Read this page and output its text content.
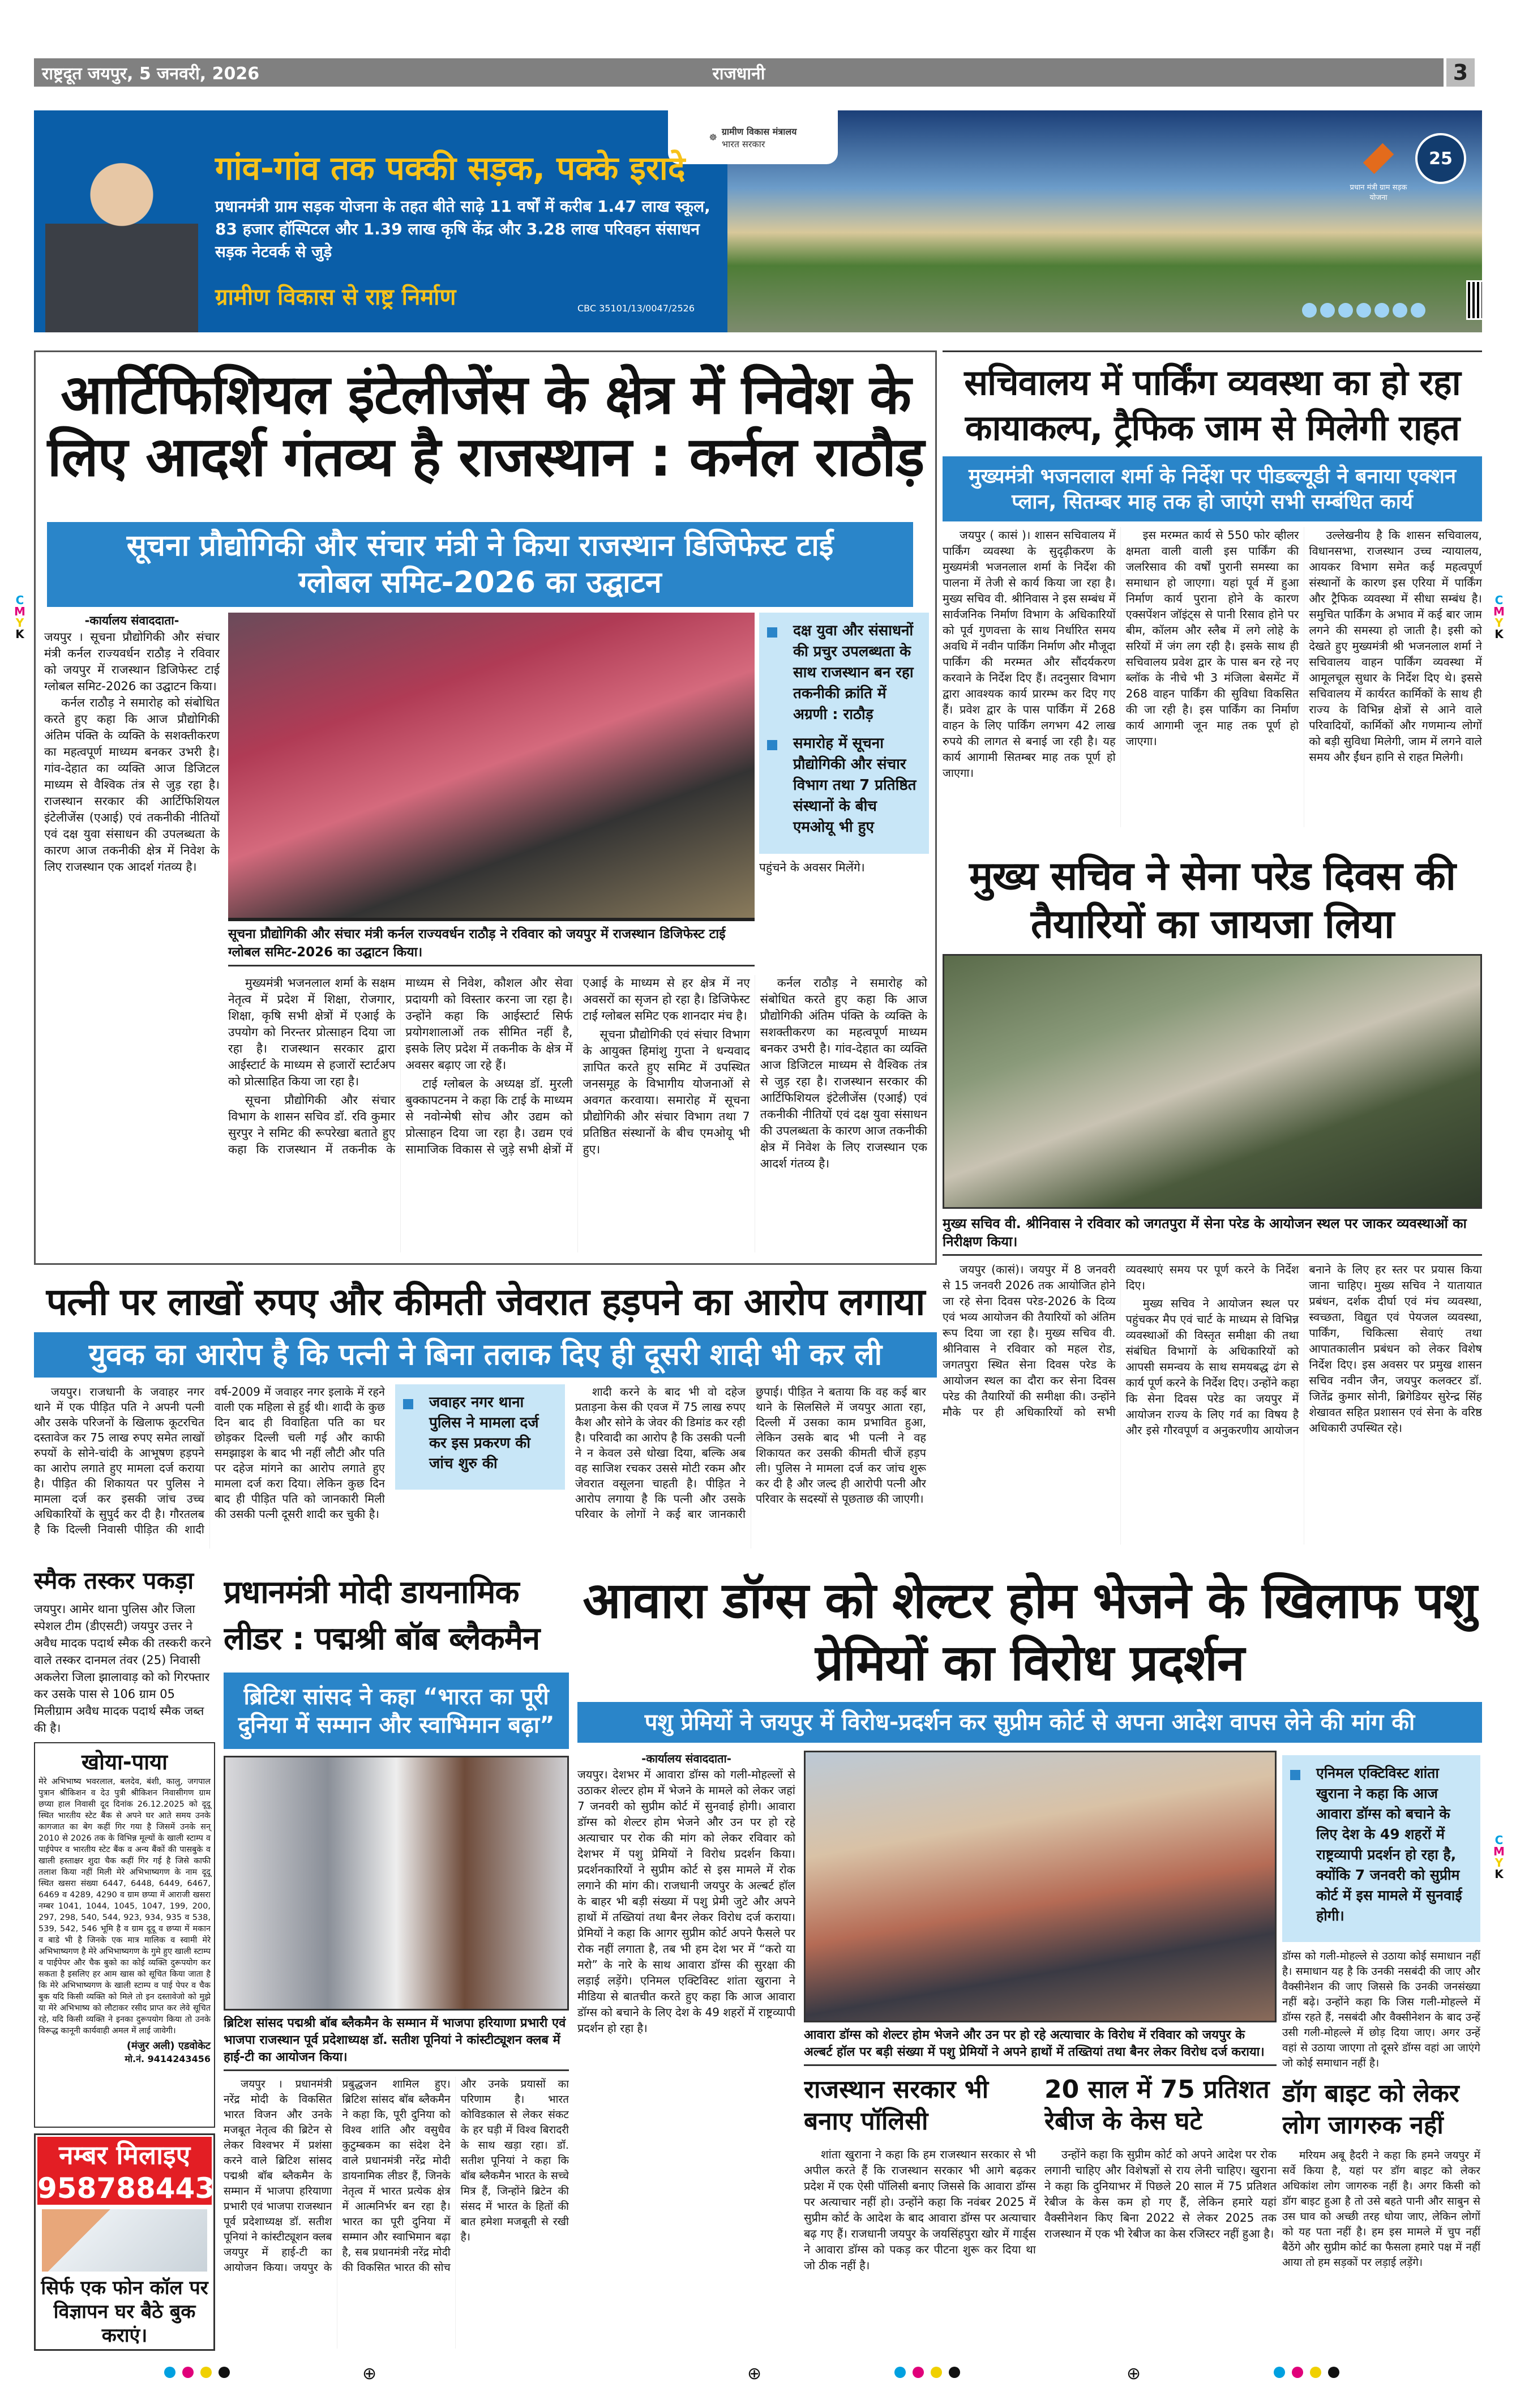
राष्ट्रदूत जयपुर, 5 जनवरी, 2026	राजधानी	3
☸
ग्रामीण विकास मंत्रालय
भारत सरकार
गांव-गांव तक पक्की सड़क, पक्के इरादे
प्रधानमंत्री ग्राम सड़क योजना के तहत बीते साढ़े 11 वर्षों में करीब 1.47 लाख स्कूल, 83 हजार हॉस्पिटल और 1.39 लाख कृषि केंद्र और 3.28 लाख परिवहन संसाधन सड़क नेटवर्क से जुड़े
ग्रामीण विकास से राष्ट्र निर्माण	CBC 35101/13/0047/2526
प्रधान मंत्री ग्राम सड़क योजना
25
आर्टिफिशियल इंटेलीजेंस के क्षेत्र में निवेश के लिए आदर्श गंतव्य है राजस्थान : कर्नल राठौड़
सूचना प्रौद्योगिकी और संचार मंत्री ने किया राजस्थान डिजिफेस्ट टाई ग्लोबल समिट-2026 का उद्घाटन
-कार्यालय संवाददाता-

जयपुर । सूचना प्रौद्योगिकी और संचार मंत्री कर्नल राज्यवर्धन राठौड़ ने रविवार को जयपुर में राजस्थान डिजिफेस्ट टाई ग्लोबल समिट-2026 का उद्घाटन किया।

कर्नल राठौड़ ने समारोह को संबोधित करते हुए कहा कि आज प्रौद्योगिकी अंतिम पंक्ति के व्यक्ति के सशक्तीकरण का महत्वपूर्ण माध्यम बनकर उभरी है। गांव-देहात का व्यक्ति आज डिजिटल माध्यम से वैश्विक तंत्र से जुड़ रहा है। राजस्थान सरकार की आर्टिफिशियल इंटेलीजेंस (एआई) एवं तकनीकी नीतियों एवं दक्ष युवा संसाधन की उपलब्धता के कारण आज तकनीकी क्षेत्र में निवेश के लिए राजस्थान एक आदर्श गंतव्य है।

दक्ष युवा और संसाधनों की प्रचुर उपलब्धता के साथ राजस्थान बन रहा तकनीकी क्रांति में अग्रणी : राठौड़
समारोह में सूचना प्रौद्योगिकी और संचार विभाग तथा 7 प्रतिष्ठित संस्थानों के बीच एमओयू भी हुए
पहुंचने के अवसर मिलेंगे।
सूचना प्रौद्योगिकी और संचार मंत्री कर्नल राज्यवर्धन राठौड़ ने रविवार को जयपुर में राजस्थान डिजिफेस्ट टाई ग्लोबल समिट-2026 का उद्घाटन किया।

मुख्यमंत्री भजनलाल शर्मा के सक्षम नेतृत्व में प्रदेश में शिक्षा, रोजगार, शिक्षा, कृषि सभी क्षेत्रों में एआई के उपयोग को निरन्तर प्रोत्साहन दिया जा रहा है। राजस्थान सरकार द्वारा आईस्टार्ट के माध्यम से हजारों स्टार्टअप को प्रोत्साहित किया जा रहा है।

सूचना प्रौद्योगिकी और संचार विभाग के शासन सचिव डॉ. रवि कुमार सुरपुर ने समिट की रूपरेखा बताते हुए कहा कि राजस्थान में तकनीक के माध्यम से निवेश, कौशल और सेवा प्रदायगी को विस्तार करना जा रहा है। उन्होंने कहा कि आईस्टार्ट सिर्फ प्रयोगशालाओं तक सीमित नहीं है, इसके लिए प्रदेश में तकनीक के क्षेत्र में अवसर बढ़ाए जा रहे हैं।

टाई ग्लोबल के अध्यक्ष डॉ. मुरली बुक्कापटनम ने कहा कि टाई के माध्यम से नवोन्मेषी सोच और उद्यम को प्रोत्साहन दिया जा रहा है। उद्यम एवं सामाजिक विकास से जुड़े सभी क्षेत्रों में एआई के माध्यम से हर क्षेत्र में नए अवसरों का सृजन हो रहा है। डिजिफेस्ट टाई ग्लोबल समिट एक शानदार मंच है।

सूचना प्रौद्योगिकी एवं संचार विभाग के आयुक्त हिमांशु गुप्ता ने धन्यवाद ज्ञापित करते हुए समिट में उपस्थित जनसमूह के विभागीय योजनाओं से अवगत करवाया। समारोह में सूचना प्रौद्योगिकी और संचार विभाग तथा 7 प्रतिष्ठित संस्थानों के बीच एमओयू भी हुए।

कर्नल राठौड़ ने समारोह को संबोधित करते हुए कहा कि आज प्रौद्योगिकी अंतिम पंक्ति के व्यक्ति के सशक्तीकरण का महत्वपूर्ण माध्यम बनकर उभरी है। गांव-देहात का व्यक्ति आज डिजिटल माध्यम से वैश्विक तंत्र से जुड़ रहा है। राजस्थान सरकार की आर्टिफिशियल इंटेलीजेंस (एआई) एवं तकनीकी नीतियों एवं दक्ष युवा संसाधन की उपलब्धता के कारण आज तकनीकी क्षेत्र में निवेश के लिए राजस्थान एक आदर्श गंतव्य है।

सचिवालय में पार्किंग व्यवस्था का हो रहा कायाकल्प, ट्रैफिक जाम से मिलेगी राहत
मुख्यमंत्री भजनलाल शर्मा के निर्देश पर पीडब्ल्यूडी ने बनाया एक्शन प्लान, सितम्बर माह तक हो जाएंगे सभी सम्बंधित कार्य

जयपुर ( कासं )। शासन सचिवालय में पार्किंग व्यवस्था के सुदृढ़ीकरण के मुख्यमंत्री भजनलाल शर्मा के निर्देश की पालना में तेजी से कार्य किया जा रहा है। मुख्य सचिव वी. श्रीनिवास ने इस सम्बंध में सार्वजनिक निर्माण विभाग के अधिकारियों को पूर्व गुणवत्ता के साथ निर्धारित समय अवधि में नवीन पार्किंग निर्माण और मौजूदा पार्किंग की मरम्मत और सौंदर्यकरण करवाने के निर्देश दिए हैं। तदनुसार विभाग द्वारा आवश्यक कार्य प्रारम्भ कर दिए गए हैं। प्रवेश द्वार के पास पार्किंग में 268 वाहन के लिए पार्किंग लगभग 42 लाख रुपये की लागत से बनाई जा रही है। यह कार्य आगामी सितम्बर माह तक पूर्ण हो जाएगा।

इस मरम्मत कार्य से 550 फोर व्हीलर क्षमता वाली वाली इस पार्किंग की जलरिसाव की वर्षों पुरानी समस्या का समाधान हो जाएगा। यहां पूर्व में हुआ निर्माण कार्य पुराना होने के कारण एक्सपेंशन जॉइंट्स से पानी रिसाव होने पर बीम, कॉलम और स्लैब में लगे लोहे के सरियों में जंग लग रही है। इसके साथ ही सचिवालय प्रवेश द्वार के पास बन रहे नए ब्लॉक के नीचे भी 3 मंजिला बेसमेंट में 268 वाहन पार्किंग की सुविधा विकसित की जा रही है। इस पार्किंग का निर्माण कार्य आगामी जून माह तक पूर्ण हो जाएगा।

उल्लेखनीय है कि शासन सचिवालय, विधानसभा, राजस्थान उच्च न्यायालय, आयकर विभाग समेत कई महत्वपूर्ण संस्थानों के कारण इस एरिया में पार्किंग और ट्रैफिक व्यवस्था में सीधा सम्बंध है। समुचित पार्किंग के अभाव में कई बार जाम लगने की समस्या हो जाती है। इसी को देखते हुए मुख्यमंत्री श्री भजनलाल शर्मा ने सचिवालय वाहन पार्किंग व्यवस्था में आमूलचूल सुधार के निर्देश दिए थे। इससे सचिवालय में कार्यरत कार्मिकों के साथ ही राज्य के विभिन्न क्षेत्रों से आने वाले परिवादियों, कार्मिकों और गणमान्य लोगों को बड़ी सुविधा मिलेगी, जाम में लगने वाले समय और ईंधन हानि से राहत मिलेगी।

मुख्य सचिव ने सेना परेड दिवस की तैयारियों का जायजा लिया
मुख्य सचिव वी. श्रीनिवास ने रविवार को जगतपुरा में सेना परेड के आयोजन स्थल पर जाकर व्यवस्थाओं का निरीक्षण किया।

जयपुर (कासं)। जयपुर में 8 जनवरी से 15 जनवरी 2026 तक आयोजित होने जा रहे सेना दिवस परेड-2026 के दिव्य एवं भव्य आयोजन की तैयारियों को अंतिम रूप दिया जा रहा है। मुख्य सचिव वी. श्रीनिवास ने रविवार को महल रोड, जगतपुरा स्थित सेना दिवस परेड के आयोजन स्थल का दौरा कर सेना दिवस परेड की तैयारियों की समीक्षा की। उन्होंने मौके पर ही अधिकारियों को सभी व्यवस्थाएं समय पर पूर्ण करने के निर्देश दिए।

मुख्य सचिव ने आयोजन स्थल पर पहुंचकर मैप एवं चार्ट के माध्यम से विभिन्न व्यवस्थाओं की विस्तृत समीक्षा की तथा संबंधित विभागों के अधिकारियों को आपसी समन्वय के साथ समयबद्ध ढंग से कार्य पूर्ण करने के निर्देश दिए। उन्होंने कहा कि सेना दिवस परेड का जयपुर में आयोजन राज्य के लिए गर्व का विषय है और इसे गौरवपूर्ण व अनुकरणीय आयोजन बनाने के लिए हर स्तर पर प्रयास किया जाना चाहिए। मुख्य सचिव ने यातायात प्रबंधन, दर्शक दीर्घा एवं मंच व्यवस्था, स्वच्छता, विद्युत एवं पेयजल व्यवस्था, पार्किंग, चिकित्सा सेवाएं तथा आपातकालीन प्रबंधन को लेकर विशेष निर्देश दिए। इस अवसर पर प्रमुख शासन सचिव नवीन जैन, जयपुर कलक्टर डॉ. जितेंद्र कुमार सोनी, ब्रिगेडियर सुरेन्द्र सिंह शेखावत सहित प्रशासन एवं सेना के वरिष्ठ अधिकारी उपस्थित रहे।

पत्नी पर लाखों रुपए और कीमती जेवरात हड़पने का आरोप लगाया
युवक का आरोप है कि पत्नी ने बिना तलाक दिए ही दूसरी शादी भी कर ली

जयपुर। राजधानी के जवाहर नगर थाने में एक पीड़ित पति ने अपनी पत्नी और उसके परिजनों के खिलाफ कूटरचित दस्तावेज कर 75 लाख रुपए समेत लाखों रुपयों के सोने-चांदी के आभूषण हड़पने का आरोप लगाते हुए मामला दर्ज कराया है। पीड़ित की शिकायत पर पुलिस ने मामला दर्ज कर इसकी जांच उच्च अधिकारियों के सुपुर्द कर दी है। गौरतलब है कि दिल्ली निवासी पीड़ित की शादी वर्ष-2009 में जवाहर नगर इलाके में रहने वाली एक महिला से हुई थी। शादी के कुछ दिन बाद ही विवाहिता पति का घर छोड़कर दिल्ली चली गई और काफी समझाइश के बाद भी नहीं लौटी और पति पर दहेज मांगने का आरोप लगाते हुए मामला दर्ज करा दिया। लेकिन कुछ दिन बाद ही पीड़ित पति को जानकारी मिली की उसकी पत्नी दूसरी शादी कर चुकी है।

जवाहर नगर थाना पुलिस ने मामला दर्ज कर इस प्रकरण की जांच शुरु की

शादी करने के बाद भी वो दहेज प्रताड़ना केस की एवज में 75 लाख रुपए कैश और सोने के जेवर की डिमांड कर रही है। परिवादी का आरोप है कि उसकी पत्नी ने न केवल उसे धोखा दिया, बल्कि अब वह साजिश रचकर उससे मोटी रकम और जेवरात वसूलना चाहती है। पीड़ित ने आरोप लगाया है कि पत्नी और उसके परिवार के लोगों ने कई बार जानकारी छुपाई। पीड़ित ने बताया कि वह कई बार थाने के सिलसिले में जयपुर आता रहा, दिल्ली में उसका काम प्रभावित हुआ, लेकिन उसके बाद भी पत्नी ने वह शिकायत कर उसकी कीमती चीजें हड़प ली। पुलिस ने मामला दर्ज कर जांच शुरू कर दी है और जल्द ही आरोपी पत्नी और परिवार के सदस्यों से पूछताछ की जाएगी।

स्मैक तस्कर पकड़ा
जयपुर। आमेर थाना पुलिस और जिला स्पेशल टीम (डीएसटी) जयपुर उत्तर ने अवैध मादक पदार्थ स्मैक की तस्करी करने वाले तस्कर दानमल तंवर (25) निवासी अकलेरा जिला झालावाड़ को को गिरफ्तार कर उसके पास से 106 ग्राम 05 मिलीग्राम अवैध मादक पदार्थ स्मैक जब्त की है।
खोया-पाया
मेरे अभिभाष्य भवरलाल, बलदेव, बंशी, कालु, जगपाल पुत्रान श्रीकिशन व देउ पुत्री श्रीकिशन निवासीगण ग्राम छप्या हाल निवासी दूद दिनांक 26.12.2025 को दूदू स्थित भारतीय स्टेट बैंक से अपने घर आते समय उनके कागजात का बेग कहीं गिर गया है जिसमें उनके सन् 2010 से 2026 तक के विभिन्न मूल्यों के खाली स्टाम्प व पाईपेपर व भारतीय स्टेट बैंक व अन्य बैंकों की पासबुके व खाली हस्ताक्षर शुदा चैक कहीं गिर गई है जिसे काफी तलाश किया नहीं मिली मेरे अभिभाष्यगण के नाम दूदू स्थित खसरा संख्या 6447, 6448, 6449, 6467, 6469 व 4289, 4290 व ग्राम छप्या में आराजी खसरा नम्बर 1041, 1044, 1045, 1047, 199, 200, 297, 298, 540, 544, 923, 934, 935 व 538, 539, 542, 546 भूमि है व ग्राम दूदू व छप्या में मकान व बाडे भी है जिनके एक मात्र मालिक व स्वामी मेरे अभिभाष्यगण है मेरे अभिभाष्यगण के गुमे हुए खाली स्टाम्प व पाईपेपर और चैक बुको का कोई व्यक्ति दुरूपयोग कर सकता है इसलिए हर आम खास को सूचित किया जाता है कि मेरे अभिभाष्यगण के खाली स्टाम्प व पाई पेपर व चैक बुक यदि किसी व्यक्ति को मिले तो इन दस्तावेजो को मुझे या मेरे अभिभाष्य को लौटाकर रसीद प्राप्त कर लेवे सूचित रहे, यदि किसी व्यक्ति ने इनका दुरूपयोग किया तो उनके विरूद्ध कानूनी कार्यवाही अमल में लाई जावेगी।
(मंजुर अली) एडवोकेट
मो.नं. 9414243456
नम्बर मिलाइए
9587884433
सिर्फ एक फोन कॉल पर विज्ञापन घर बैठे बुक कराएं।
प्रधानमंत्री मोदी डायनामिक लीडर : पद्मश्री बॉब ब्लैकमैन
ब्रिटिश सांसद ने कहा “भारत का पूरी दुनिया में सम्मान और स्वाभिमान बढ़ा”
ब्रिटिश सांसद पद्मश्री बॉब ब्लैकमैन के सम्मान में भाजपा हरियाणा प्रभारी एवं भाजपा राजस्थान पूर्व प्रदेशाध्यक्ष डॉ. सतीश पूनियां ने कांस्टीट्यूशन क्लब में हाई-टी का आयोजन किया।

जयपुर । प्रधानमंत्री नरेंद्र मोदी के विकसित भारत विजन और उनके मजबूत नेतृत्व की ब्रिटेन से लेकर विश्वभर में प्रशंसा करने वाले ब्रिटिश सांसद पद्मश्री बॉब ब्लैकमैन के सम्मान में भाजपा हरियाणा प्रभारी एवं भाजपा राजस्थान पूर्व प्रदेशाध्यक्ष डॉ. सतीश पूनियां ने कांस्टीट्यूशन क्लब जयपुर में हाई-टी का आयोजन किया। जयपुर के प्रबुद्धजन शामिल हुए। ब्रिटिश सांसद बॉब ब्लैकमैन ने कहा कि, पूरी दुनिया को विश्व शांति और वसुधैव कुटुम्बकम का संदेश देने वाले प्रधानमंत्री नरेंद्र मोदी डायनामिक लीडर हैं, जिनके नेतृत्व में भारत प्रत्येक क्षेत्र में आत्मनिर्भर बन रहा है। भारत का पूरी दुनिया में सम्मान और स्वाभिमान बढ़ा है, सब प्रधानमंत्री नरेंद्र मोदी की विकसित भारत की सोच और उनके प्रयासों का परिणाम है। भारत कोविडकाल से लेकर संकट के हर घड़ी में विश्व बिरादरी के साथ खड़ा रहा। डॉ. सतीश पूनियां ने कहा कि बॉब ब्लैकमैन भारत के सच्चे मित्र हैं, जिन्होंने ब्रिटेन की संसद में भारत के हितों की बात हमेशा मजबूती से रखी है।

आवारा डॉग्स को शेल्टर होम भेजने के खिलाफ पशु प्रेमियों का विरोध प्रदर्शन
पशु प्रेमियों ने जयपुर में विरोध-प्रदर्शन कर सुप्रीम कोर्ट से अपना आदेश वापस लेने की मांग की
-कार्यालय संवाददाता-

जयपुर। देशभर में आवारा डॉग्स को गली-मोहल्लों से उठाकर शेल्टर होम में भेजने के मामले को लेकर जहां 7 जनवरी को सुप्रीम कोर्ट में सुनवाई होगी। आवारा डॉग्स को शेल्टर होम भेजने और उन पर हो रहे अत्याचार पर रोक की मांग को लेकर रविवार को देशभर में पशु प्रेमियों ने विरोध प्रदर्शन किया। प्रदर्शनकारियों ने सुप्रीम कोर्ट से इस मामले में रोक लगाने की मांग की। राजधानी जयपुर के अल्बर्ट हॉल के बाहर भी बड़ी संख्या में पशु प्रेमी जुटे और अपने हाथों में तख्तियां तथा बैनर लेकर विरोध दर्ज कराया। प्रेमियों ने कहा कि आगर सुप्रीम कोर्ट अपने फैसले पर रोक नहीं लगाता है, तब भी हम देश भर में “करो या मरो” के नारे के साथ आवारा डॉग्स की सुरक्षा की लड़ाई लड़ेंगे। एनिमल एक्टिविस्ट शांता खुराना ने मीडिया से बातचीत करते हुए कहा कि आज आवारा डॉग्स को बचाने के लिए देश के 49 शहरों में राष्ट्रव्यापी प्रदर्शन हो रहा है।	आवारा डॉग्स को शेल्टर होम भेजने और उन पर हो रहे अत्याचार के विरोध में रविवार को जयपुर के अल्बर्ट हॉल पर बड़ी संख्या में पशु प्रेमियों ने अपने हाथों में तख्तियां तथा बैनर लेकर विरोध दर्ज कराया।
राजस्थान सरकार भी बनाए पॉलिसी
शांता खुराना ने कहा कि हम राजस्थान सरकार से भी अपील करते हैं कि राजस्थान सरकार भी आगे बढ़कर प्रदेश में एक ऐसी पॉलिसी बनाए जिससे कि आवारा डॉग्स पर अत्याचार नहीं हो। उन्होंने कहा कि नवंबर 2025 में सुप्रीम कोर्ट के आदेश के बाद आवारा डॉग्स पर अत्याचार बढ़ गए हैं। राजधानी जयपुर के जयसिंहपुरा खोर में गार्ड्स ने आवारा डॉग्स को पकड़ कर पीटना शुरू कर दिया था जो ठीक नहीं है।
20 साल में 75 प्रतिशत रेबीज के केस घटे
उन्होंने कहा कि सुप्रीम कोर्ट को अपने आदेश पर रोक लगानी चाहिए और विशेषज्ञों से राय लेनी चाहिए। खुराना ने कहा कि दुनियाभर में पिछले 20 साल में 75 प्रतिशत रेबीज के केस कम हो गए हैं, लेकिन हमारे यहां वैक्सीनेशन किए बिना 2022 से लेकर 2025 तक राजस्थान में एक भी रेबीज का केस रजिस्टर नहीं हुआ है।
एनिमल एक्टिविस्ट शांता खुराना ने कहा कि आज आवारा डॉग्स को बचाने के लिए देश के 49 शहरों में राष्ट्रव्यापी प्रदर्शन हो रहा है, क्योंकि 7 जनवरी को सुप्रीम कोर्ट में इस मामले में सुनवाई होगी।
डॉग्स को गली-मोहल्ले से उठाया कोई समाधान नहीं है। समाधान यह है कि उनकी नसबंदी की जाए और वैक्सीनेशन की जाए जिससे कि उनकी जनसंख्या नहीं बढ़े। उन्होंने कहा कि जिस गली-मोहल्ले में डॉग्स रहते हैं, नसबंदी और वैक्सीनेशन के बाद उन्हें उसी गली-मोहल्ले में छोड़ दिया जाए। अगर उन्हें वहां से उठाया जाएगा तो दूसरे डॉग्स वहां आ जाएंगे जो कोई समाधान नहीं है।
डॉग बाइट को लेकर लोग जागरुक नहीं
मरियम अबू हैदरी ने कहा कि हमने जयपुर में सर्वे किया है, यहां पर डॉग बाइट को लेकर अधिकांश लोग जागरुक नहीं है। अगर किसी को डॉग बाइट हुआ है तो उसे बहते पानी और साबुन से उस घाव को अच्छी तरह धोया जाए, लेकिन लोगों को यह पता नहीं है। हम इस मामले में चुप नहीं बैठेंगे और सुप्रीम कोर्ट का फैसला हमारे पक्ष में नहीं आया तो हम सड़कों पर लड़ाई लड़ेंगे।
C
M
Y
K
C
M
Y
K
C
M
Y
K
⊕	⊕	⊕
